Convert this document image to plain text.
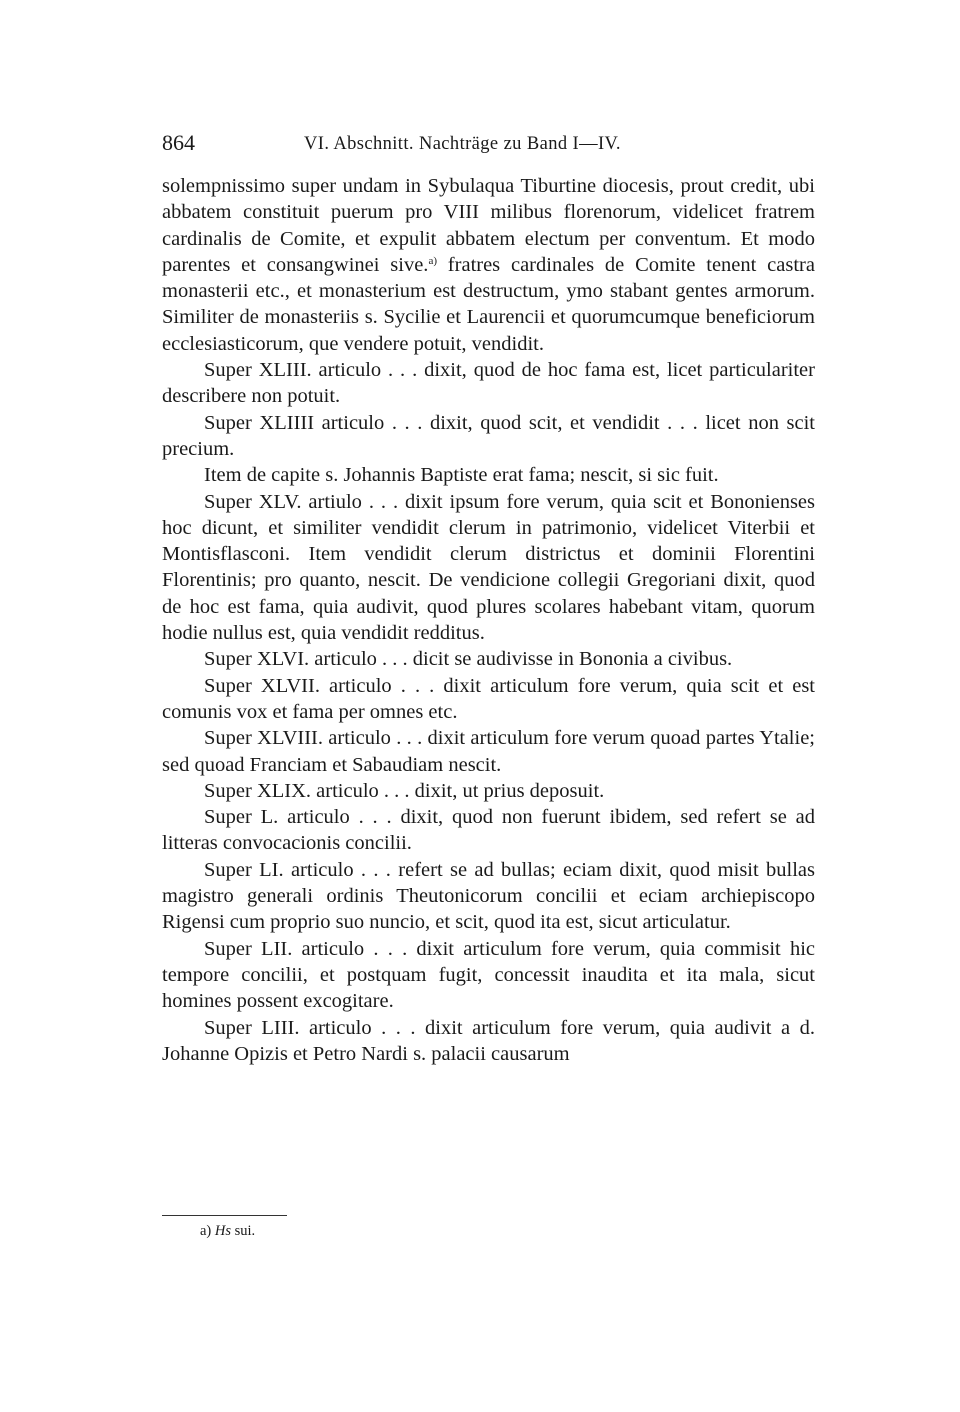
864	VI. Abschnitt. Nachträge zu Band I—IV.

solempnissimo super undam in Sybulaqua Tiburtine diocesis, prout credit, ubi abbatem constituit puerum pro VIII milibus florenorum, videlicet fratrem cardinalis de Comite, et expulit abbatem electum per conventum. Et modo parentes et consangwinei sive.$^{a)}$ fratres cardinales de Comite tenent castra monasterii etc., et monasterium est destructum, ymo stabant gentes armorum. Similiter de monasteriis s. Sycilie et Laurencii et quorumcumque beneficiorum ecclesiasticorum, que vendere potuit, vendidit.

Super XLIII. articulo . . . dixit, quod de hoc fama est, licet particulariter describere non potuit.

Super XLIIII articulo . . . dixit, quod scit, et vendidit . . . licet non scit precium.

Item de capite s. Johannis Baptiste erat fama; nescit, si sic fuit.

Super XLV. artiulo . . . dixit ipsum fore verum, quia scit et Bononienses hoc dicunt, et similiter vendidit clerum in patrimonio, videlicet Viterbii et Montisflasconi. Item vendidit clerum districtus et dominii Florentini Florentinis; pro quanto, nescit. De vendicione collegii Gregoriani dixit, quod de hoc est fama, quia audivit, quod plures scolares habebant vitam, quorum hodie nullus est, quia vendidit redditus.

Super XLVI. articulo . . . dicit se audivisse in Bononia a civibus.

Super XLVII. articulo . . . dixit articulum fore verum, quia scit et est comunis vox et fama per omnes etc.

Super XLVIII. articulo . . . dixit articulum fore verum quoad partes Ytalie; sed quoad Franciam et Sabaudiam nescit.

Super XLIX. articulo . . . dixit, ut prius deposuit.

Super L. articulo . . . dixit, quod non fuerunt ibidem, sed refert se ad litteras convocacionis concilii.

Super LI. articulo . . . refert se ad bullas; eciam dixit, quod misit bullas magistro generali ordinis Theutonicorum concilii et eciam archiepiscopo Rigensi cum proprio suo nuncio, et scit, quod ita est, sicut articulatur.

Super LII. articulo . . . dixit articulum fore verum, quia commisit hic tempore concilii, et postquam fugit, concessit inaudita et ita mala, sicut homines possent excogitare.

Super LIII. articulo . . . dixit articulum fore verum, quia audivit a d. Johanne Opizis et Petro Nardi s. palacii causarum

a) Hs sui.
